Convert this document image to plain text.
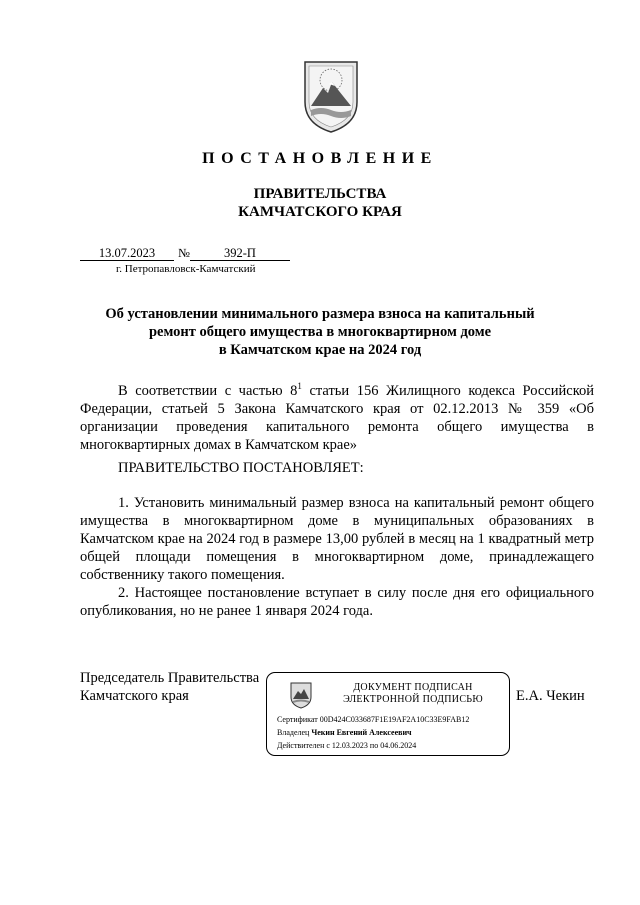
ПОСТАНОВЛЕНИЕ
ПРАВИТЕЛЬСТВА
КАМЧАТСКОГО КРАЯ
13.07.2023 №	392-П
г. Петропавловск-Камчатский
Об установлении минимального размера взноса на капитальный
ремонт общего имущества в многоквартирном доме
в Камчатском крае на 2024 год

В соответствии с частью $8^1$ статьи 156 Жилищного кодекса Российской Федерации, статьей 5 Закона Камчатского края от 02.12.2013 № 359 «Об организации проведения капитального ремонта общего имущества в многоквартирных домах в Камчатском крае»

ПРАВИТЕЛЬСТВО ПОСТАНОВЛЯЕТ:

1. Установить минимальный размер взноса на капитальный ремонт общего имущества в многоквартирном доме в муниципальных образованиях в Камчатском крае на 2024 год в размере 13,00 рублей в месяц на 1 квадратный метр общей площади помещения в многоквартирном доме, принадлежащего собственнику такого помещения.

2. Настоящее постановление вступает в силу после дня его официального опубликования, но не ранее 1 января 2024 года.

Председатель Правительства
Камчатского края	Е.А. Чекин
ДОКУМЕНТ ПОДПИСАН
ЭЛЕКТРОННОЙ ПОДПИСЬЮ
Сертификат 00D424C033687F1E19AF2A10C33E9FAB12
Владелец Чекин Евгений Алексеевич
Действителен с 12.03.2023 по 04.06.2024
